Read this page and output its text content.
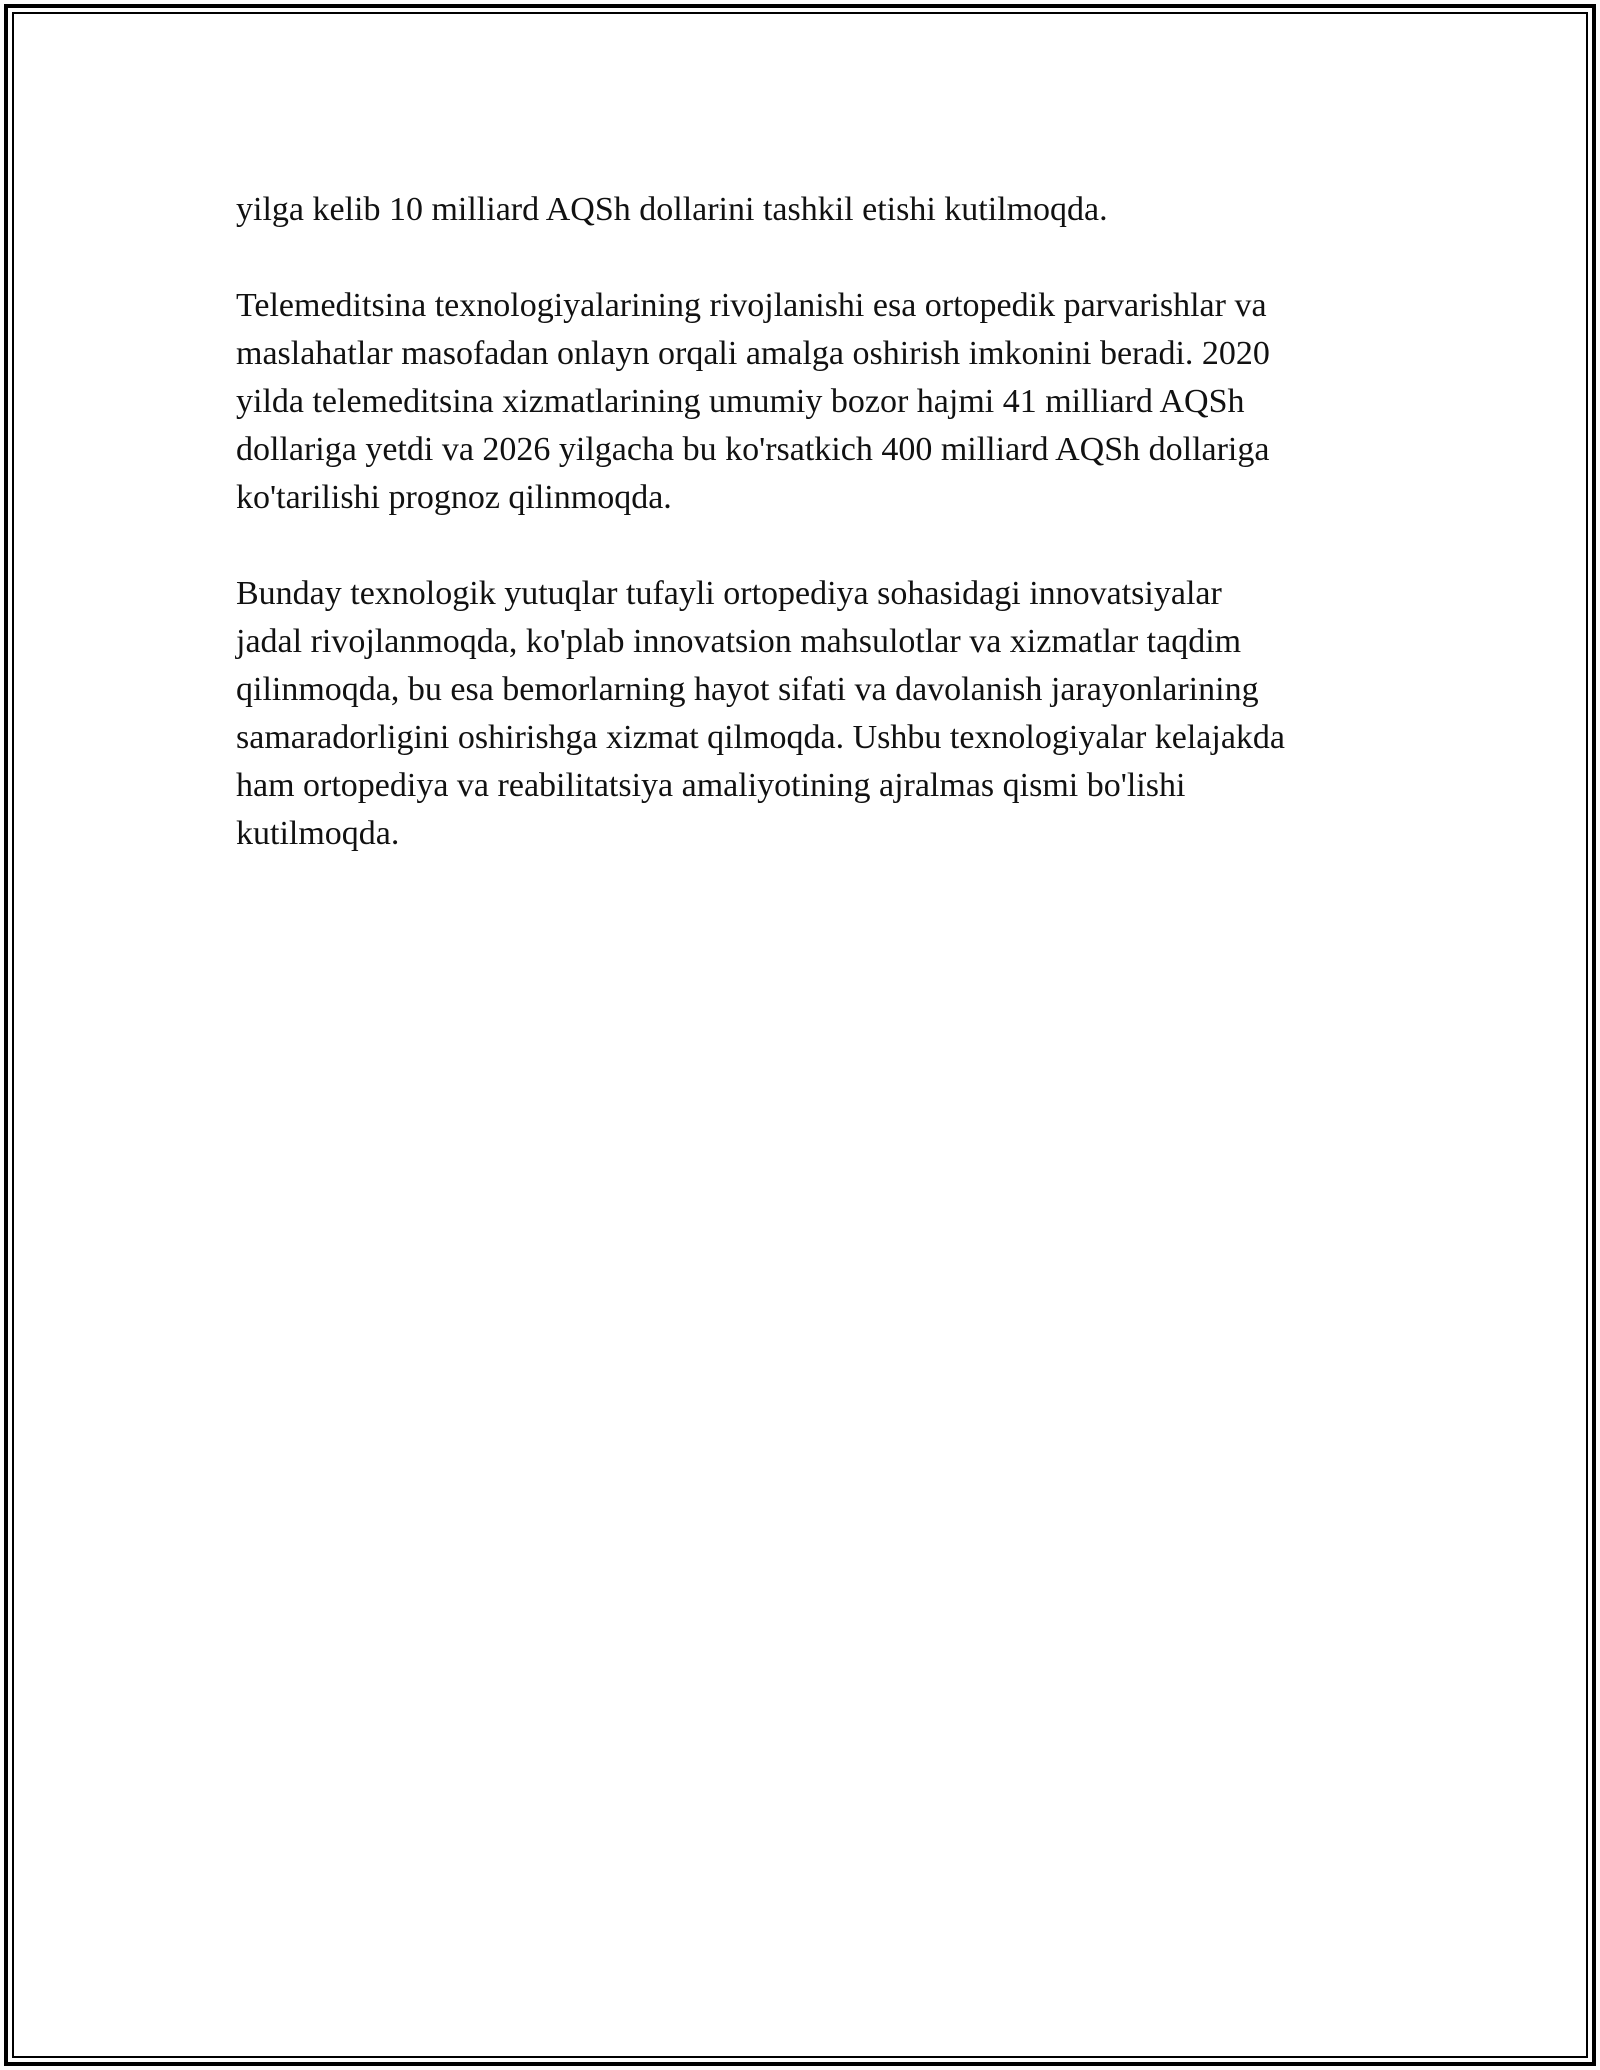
yilga kelib 10 milliard AQSh dollarini tashkil etishi kutilmoqda.

Telemeditsina texnologiyalarining rivojlanishi esa ortopedik parvarishlar va
maslahatlar masofadan onlayn orqali amalga oshirish imkonini beradi. 2020
yilda telemeditsina xizmatlarining umumiy bozor hajmi 41 milliard AQSh
dollariga yetdi va 2026 yilgacha bu ko'rsatkich 400 milliard AQSh dollariga
ko'tarilishi prognoz qilinmoqda.

Bunday texnologik yutuqlar tufayli ortopediya sohasidagi innovatsiyalar
jadal rivojlanmoqda, ko'plab innovatsion mahsulotlar va xizmatlar taqdim
qilinmoqda, bu esa bemorlarning hayot sifati va davolanish jarayonlarining
samaradorligini oshirishga xizmat qilmoqda. Ushbu texnologiyalar kelajakda
ham ortopediya va reabilitatsiya amaliyotining ajralmas qismi bo'lishi
kutilmoqda.
